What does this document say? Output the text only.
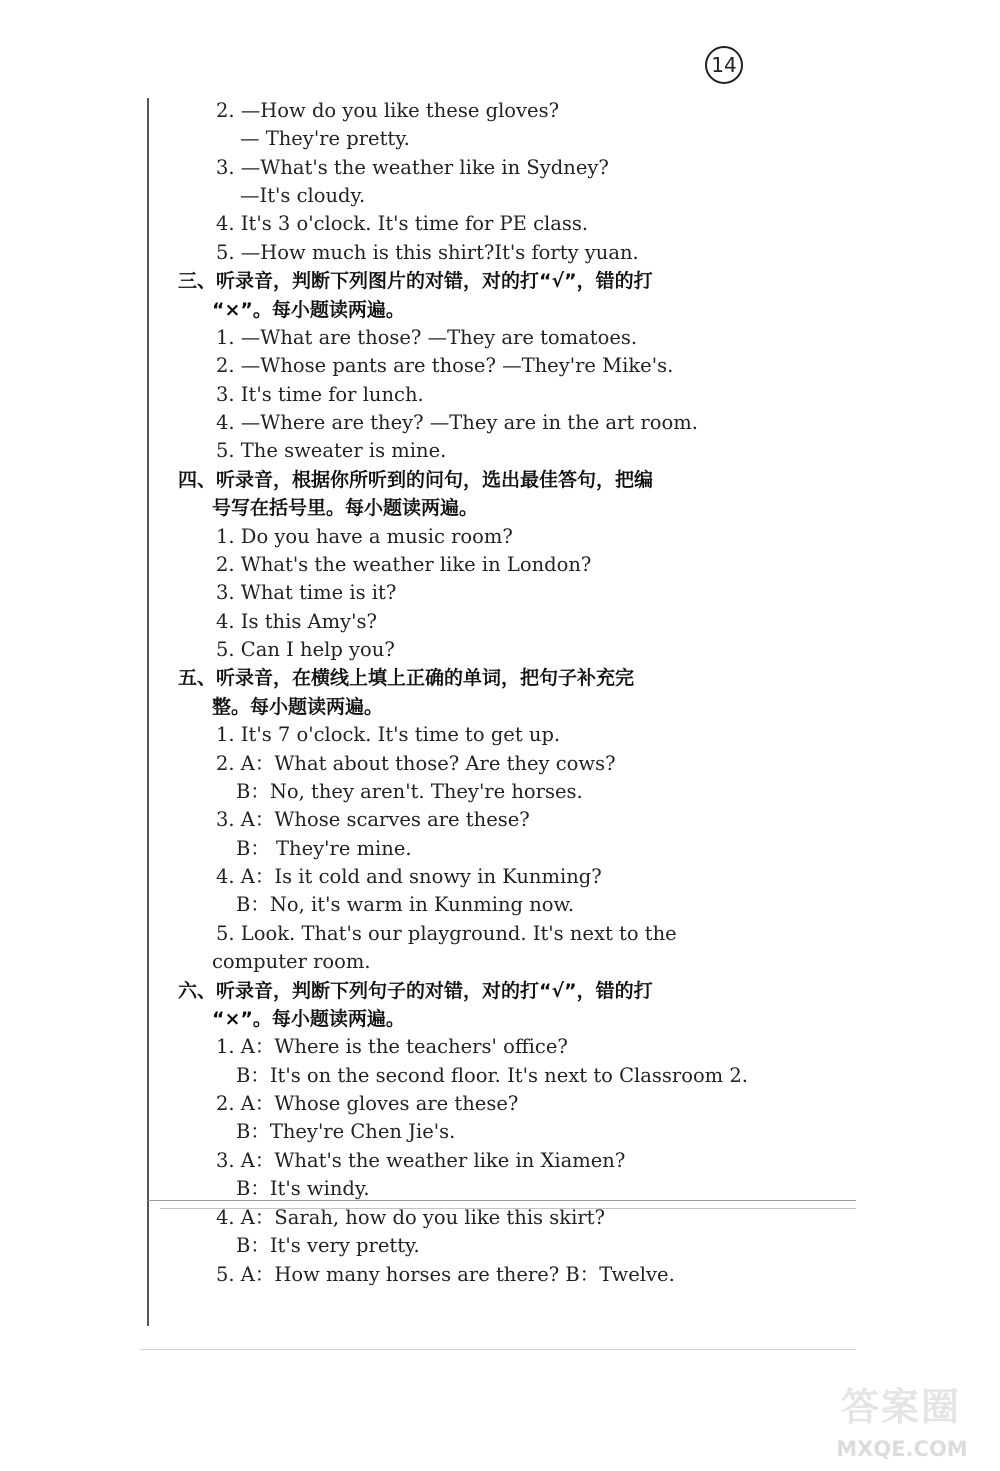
14
2. —How do you like these gloves?
— They're pretty.
3. —What's the weather like in Sydney?
—It's cloudy.
4. It's 3 o'clock. It's time for PE class.
5. —How much is this shirt?It's forty yuan.
三、听录音，判断下列图片的对错，对的打“√”，错的打
“×”。每小题读两遍。
1. —What are those? —They are tomatoes.
2. —Whose pants are those? —They're Mike's.
3. It's time for lunch.
4. —Where are they? —They are in the art room.
5. The sweater is mine.
四、听录音，根据你所听到的问句，选出最佳答句，把编
号写在括号里。每小题读两遍。
1. Do you have a music room?
2. What's the weather like in London?
3. What time is it?
4. Is this Amy's?
5. Can I help you?
五、听录音，在横线上填上正确的单词，把句子补充完
整。每小题读两遍。
1. It's 7 o'clock. It's time to get up.
2. A：What about those? Are they cows?
B：No, they aren't. They're horses.
3. A：Whose scarves are these?
B： They're mine.
4. A：Is it cold and snowy in Kunming?
B：No, it's warm in Kunming now.
5. Look. That's our playground. It's next to the
computer room.
六、听录音，判断下列句子的对错，对的打“√”，错的打
“×”。每小题读两遍。
1. A：Where is the teachers' office?
B：It's on the second floor. It's next to Classroom 2.
2. A：Whose gloves are these?
B：They're Chen Jie's.
3. A：What's the weather like in Xiamen?
B：It's windy.
4. A：Sarah, how do you like this skirt?
B：It's very pretty.
5. A：How many horses are there? B：Twelve.
答案圈
MXQE.COM
